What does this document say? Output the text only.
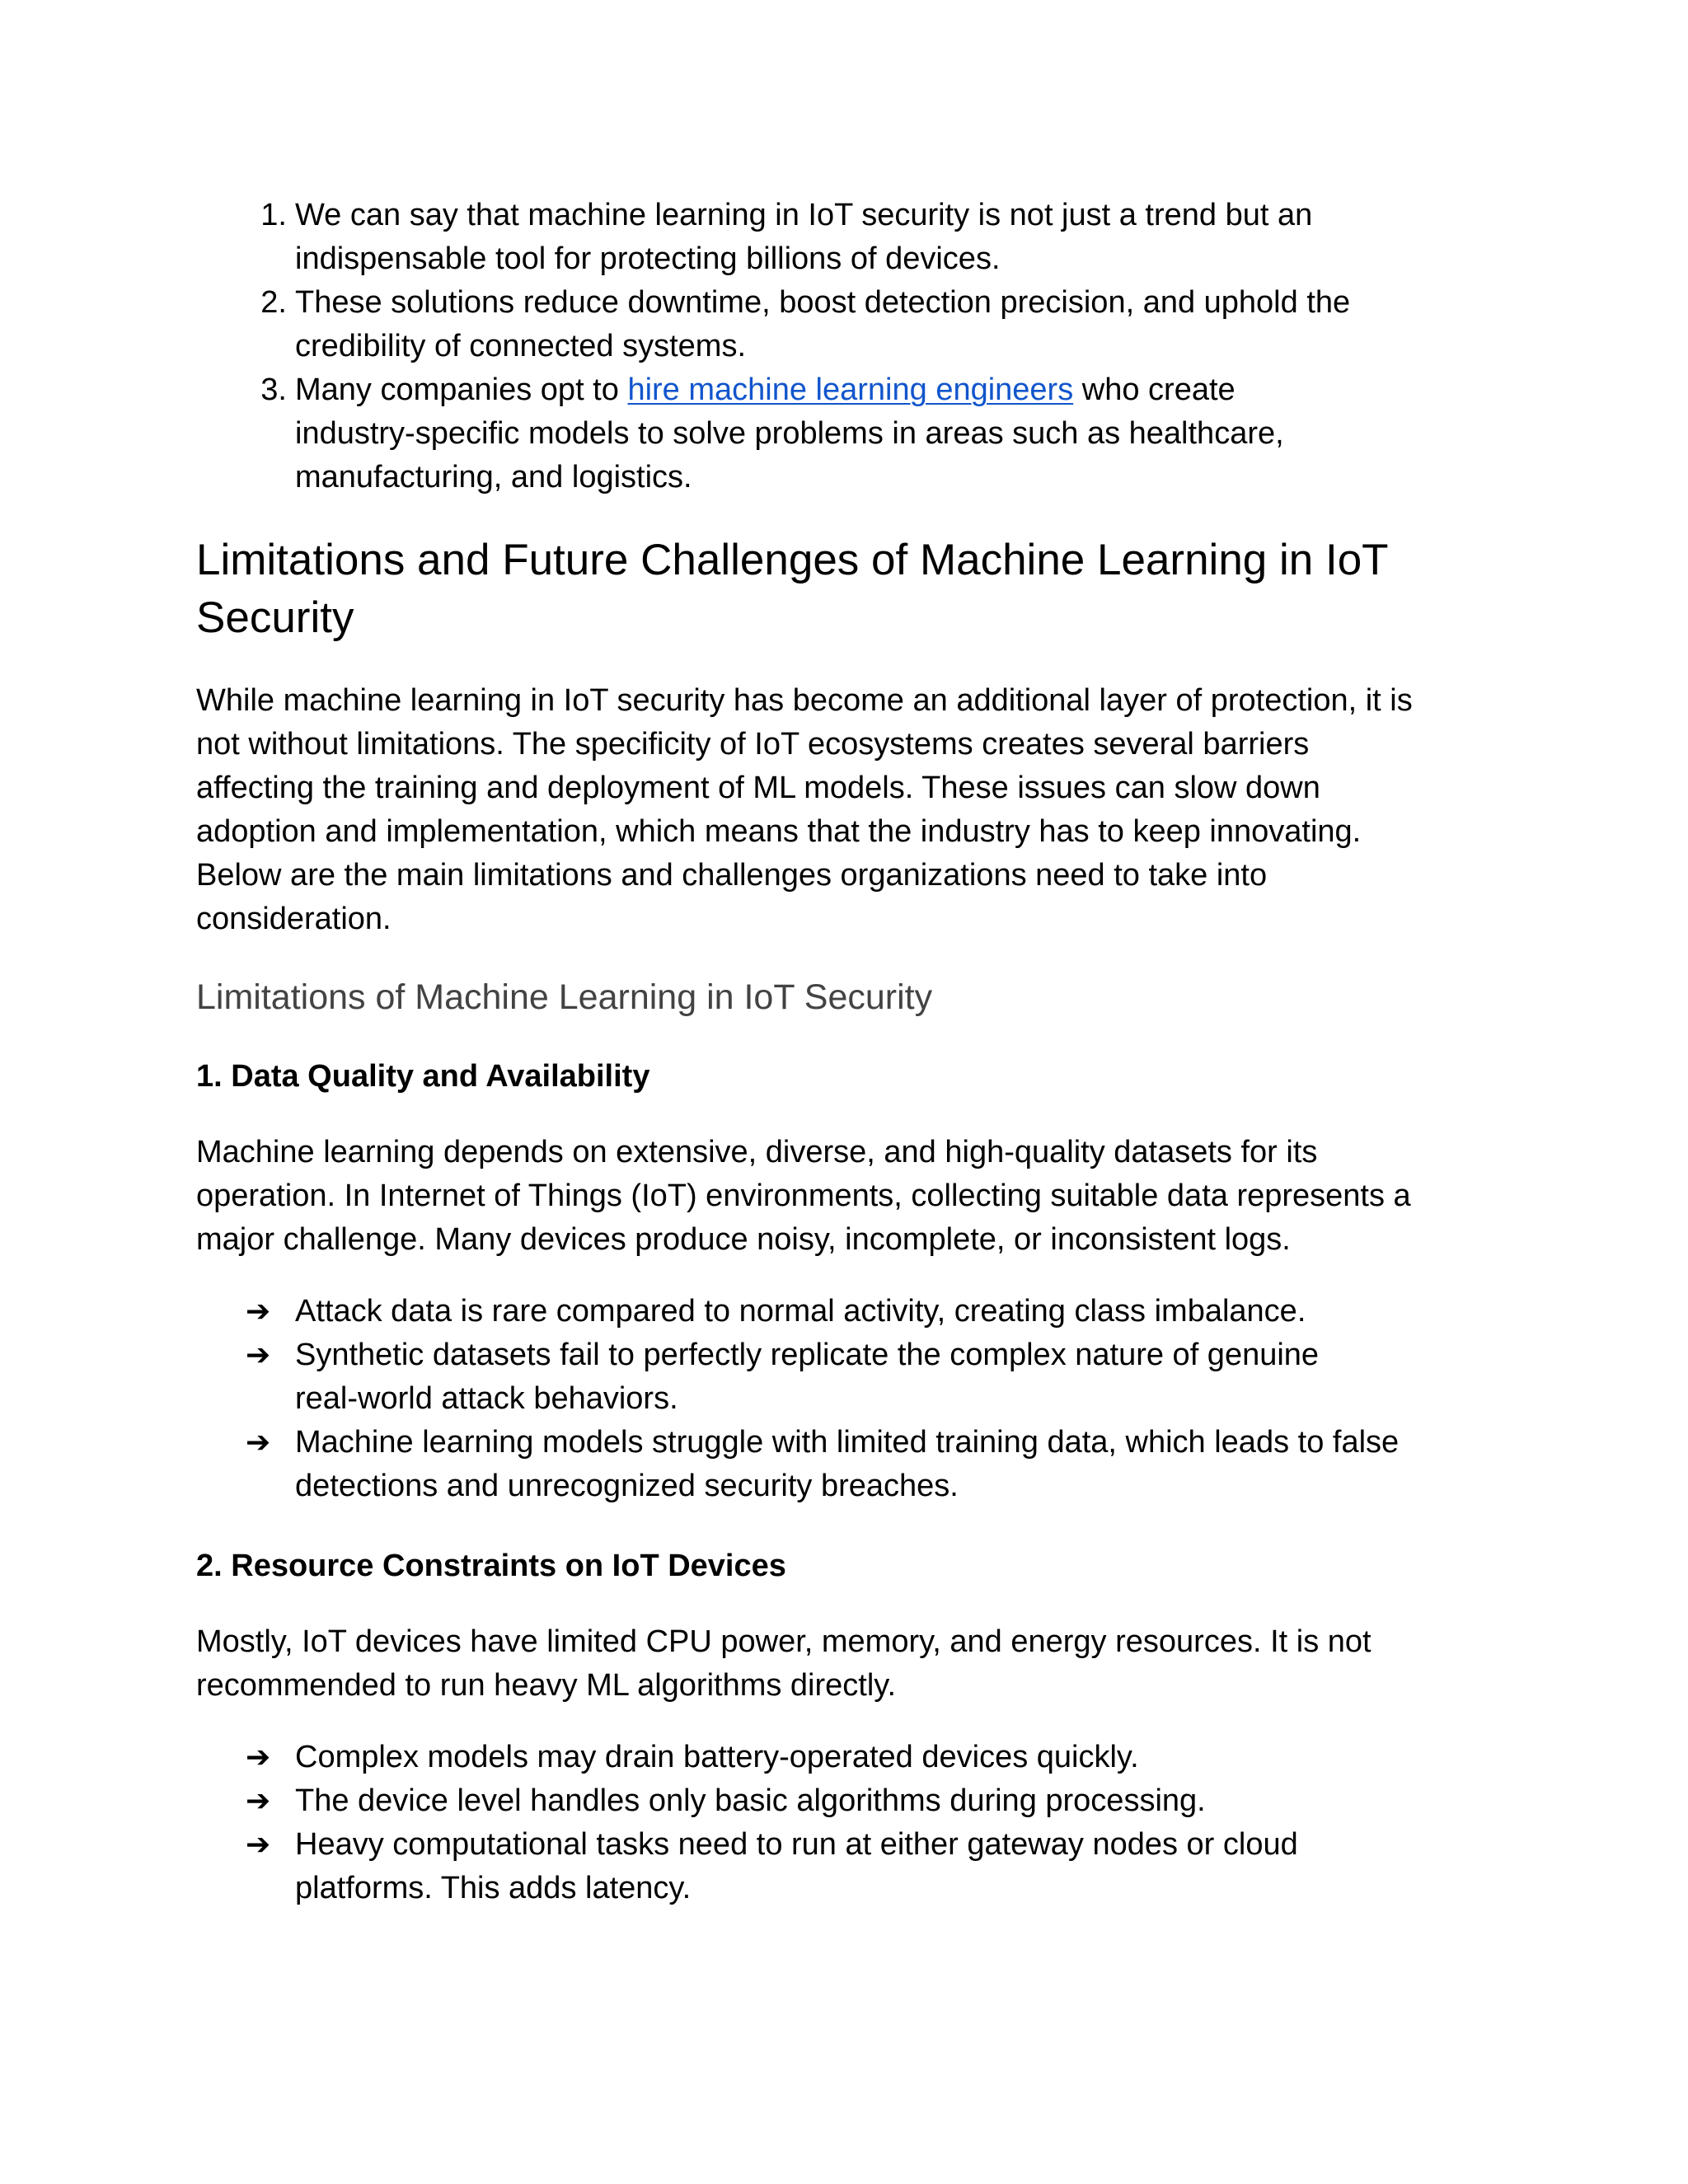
1. We can say that machine learning in IoT security is not just a trend but an
indispensable tool for protecting billions of devices.
2. These solutions reduce downtime, boost detection precision, and uphold the
credibility of connected systems.
3. Many companies opt to hire machine learning engineers who create
industry-specific models to solve problems in areas such as healthcare,
manufacturing, and logistics.
Limitations and Future Challenges of Machine Learning in IoT
Security
While machine learning in IoT security has become an additional layer of protection, it is
not without limitations. The specificity of IoT ecosystems creates several barriers
affecting the training and deployment of ML models. These issues can slow down
adoption and implementation, which means that the industry has to keep innovating.
Below are the main limitations and challenges organizations need to take into
consideration.
Limitations of Machine Learning in IoT Security
1. Data Quality and Availability
Machine learning depends on extensive, diverse, and high-quality datasets for its
operation. In Internet of Things (IoT) environments, collecting suitable data represents a
major challenge. Many devices produce noisy, incomplete, or inconsistent logs.
➔ Attack data is rare compared to normal activity, creating class imbalance.
➔ Synthetic datasets fail to perfectly replicate the complex nature of genuine
real-world attack behaviors.
➔ Machine learning models struggle with limited training data, which leads to false
detections and unrecognized security breaches.
2. Resource Constraints on IoT Devices
Mostly, IoT devices have limited CPU power, memory, and energy resources. It is not
recommended to run heavy ML algorithms directly.
➔ Complex models may drain battery-operated devices quickly.
➔ The device level handles only basic algorithms during processing.
➔ Heavy computational tasks need to run at either gateway nodes or cloud
platforms. This adds latency.
